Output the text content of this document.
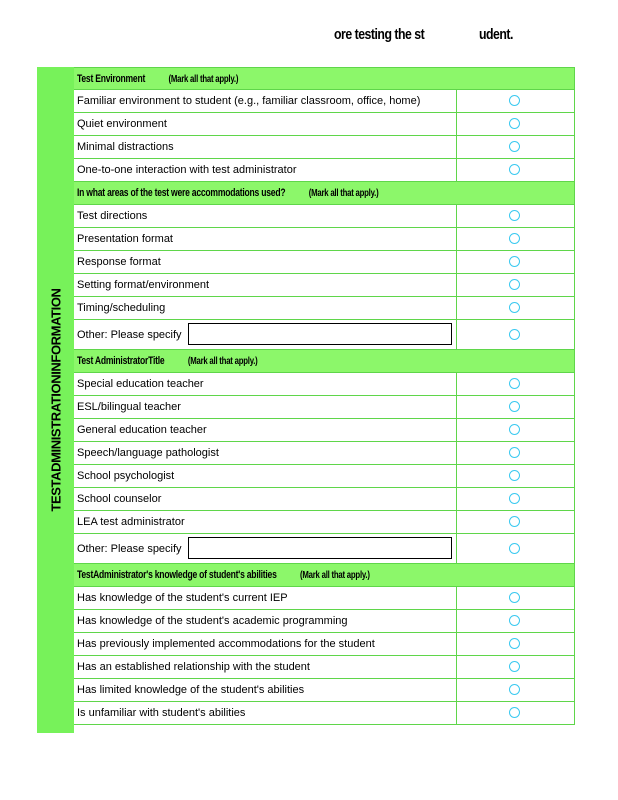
ore testing the st	udent.
TESTADMINISTRATIONINFORMATION
Test Environment (Mark all that apply.)
Familiar environment to student (e.g., familiar classroom, office, home)
Quiet environment
Minimal distractions
One-to-one interaction with test administrator
In what areas of the test were accommodations used? (Mark all that apply.)
Test directions
Presentation format
Response format
Setting format/environment
Timing/scheduling
Other: Please specify
Test AdministratorTitle (Mark all that apply.)
Special education teacher
ESL/bilingual teacher
General education teacher
Speech/language pathologist
School psychologist
School counselor
LEA test administrator
Other: Please specify
TestAdministrator's knowledge of student's abilities (Mark all that apply.)
Has knowledge of the student's current IEP
Has knowledge of the student's academic programming
Has previously implemented accommodations for the student
Has an established relationship with the student
Has limited knowledge of the student's abilities
Is unfamiliar with student's abilities
